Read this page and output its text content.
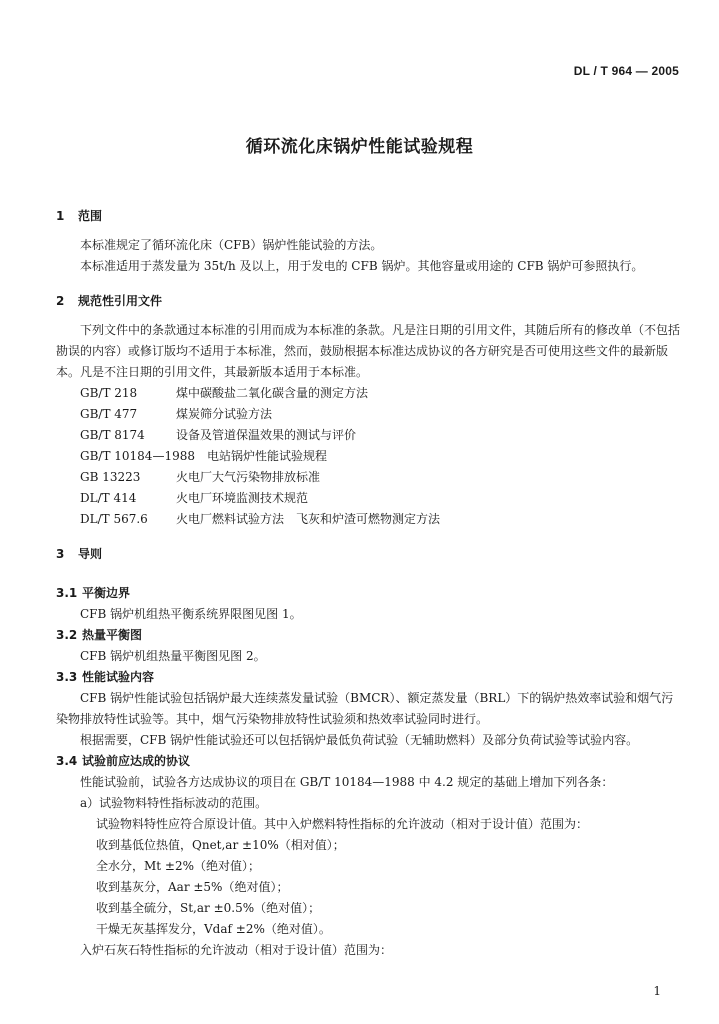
DL / T 964 — 2005
循环流化床锅炉性能试验规程
1 范围

本标准规定了循环流化床（CFB）锅炉性能试验的方法。

本标准适用于蒸发量为 35t/h 及以上，用于发电的 CFB 锅炉。其他容量或用途的 CFB 锅炉可参照执行。

2 规范性引用文件

下列文件中的条款通过本标准的引用而成为本标准的条款。凡是注日期的引用文件，其随后所有的修改单（不包括勘误的内容）或修订版均不适用于本标准，然而，鼓励根据本标准达成协议的各方研究是否可使用这些文件的最新版本。凡是不注日期的引用文件，其最新版本适用于本标准。

GB/T 218　	煤中碳酸盐二氧化碳含量的测定方法
GB/T 477　	煤炭筛分试验方法
GB/T 8174　	设备及管道保温效果的测试与评价
GB/T 10184—1988　 电站锅炉性能试验规程
GB 13223　	火电厂大气污染物排放标准
DL/T 414　	火电厂环境监测技术规范
DL/T 567.6　 火电厂燃料试验方法　飞灰和炉渣可燃物测定方法
3 导则
3.1 平衡边界

CFB 锅炉机组热平衡系统界限图见图 1。

3.2 热量平衡图

CFB 锅炉机组热量平衡图见图 2。

3.3 性能试验内容

CFB 锅炉性能试验包括锅炉最大连续蒸发量试验（BMCR）、额定蒸发量（BRL）下的锅炉热效率试验和烟气污染物排放特性试验等。其中，烟气污染物排放特性试验须和热效率试验同时进行。

根据需要，CFB 锅炉性能试验还可以包括锅炉最低负荷试验（无辅助燃料）及部分负荷试验等试验内容。

3.4 试验前应达成的协议

性能试验前，试验各方达成协议的项目在 GB/T 10184—1988 中 4.2 规定的基础上增加下列各条：

a）试验物料特性指标波动的范围。

试验物料特性应符合原设计值。其中入炉燃料特性指标的允许波动（相对于设计值）范围为：

收到基低位热值，Qnet,ar ±10%（相对值）；

全水分，Mt ±2%（绝对值）；

收到基灰分，Aar ±5%（绝对值）；

收到基全硫分，St,ar ±0.5%（绝对值）；

干燥无灰基挥发分，Vdaf ±2%（绝对值）。

入炉石灰石特性指标的允许波动（相对于设计值）范围为：

1
